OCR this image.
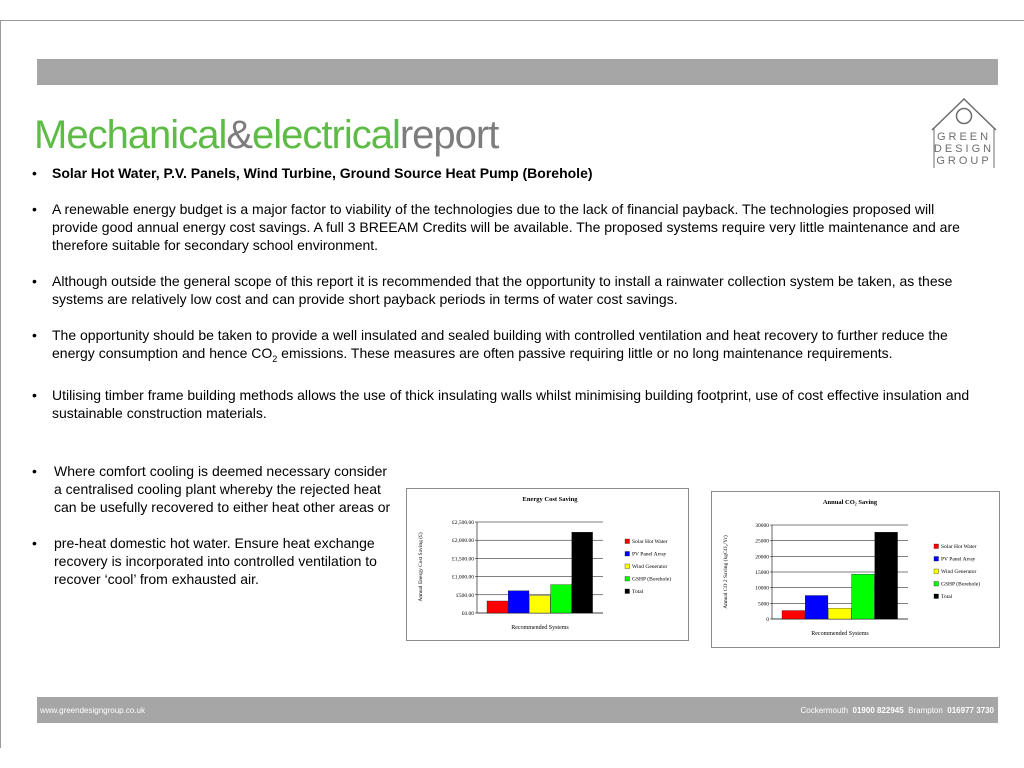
Mechanical&electricalreport	GREEN
DESIGN
GROUP
• Solar Hot Water, P.V. Panels, Wind Turbine, Ground Source Heat Pump (Borehole)
• A renewable energy budget is a major factor to viability of the technologies due to the lack of financial payback. The technologies proposed will provide good annual energy cost savings. A full 3 BREEAM Credits will be available. The proposed systems require very little maintenance and are therefore suitable for secondary school environment.
• Although outside the general scope of this report it is recommended that the opportunity to install a rainwater collection system be taken, as these systems are relatively low cost and can provide short payback periods in terms of water cost savings.
• The opportunity should be taken to provide a well insulated and sealed building with controlled ventilation and heat recovery to further reduce the energy consumption and hence $CO_2$ emissions. These measures are often passive requiring little or no long maintenance requirements.
• Utilising timber frame building methods allows the use of thick insulating walls whilst minimising building footprint, use of cost effective insulation and sustainable construction materials.
• Where comfort cooling is deemed necessary consider a centralised cooling plant whereby the rejected heat can be usefully recovered to either heat other areas or
• pre-heat domestic hot water. Ensure heat exchange recovery is incorporated into controlled ventilation to recover ‘cool’ from exhausted air.
Energy Cost Saving
£0.00
£500.00
£1,000.00
£1,500.00
£2,000.00
£2,500.00
Recommended Systems
Annual Energy Cost Saving (£)	Solar Hot Water
PV Panel Array
Wind Generator
GSHP (Borehole)
Total
Annual CO₂ Saving
0
5000
10000
15000
20000
25000
30000
Recommended Systems
Annual CO 2 Saving (kgCO₂/Yr)	Solar Hot Water
PV Panel Array
Wind Generator
GSHP (Borehole)
Total
www.greendesigngroup.co.uk	Cockermouth 01900 822945 Brampton 016977 3730
